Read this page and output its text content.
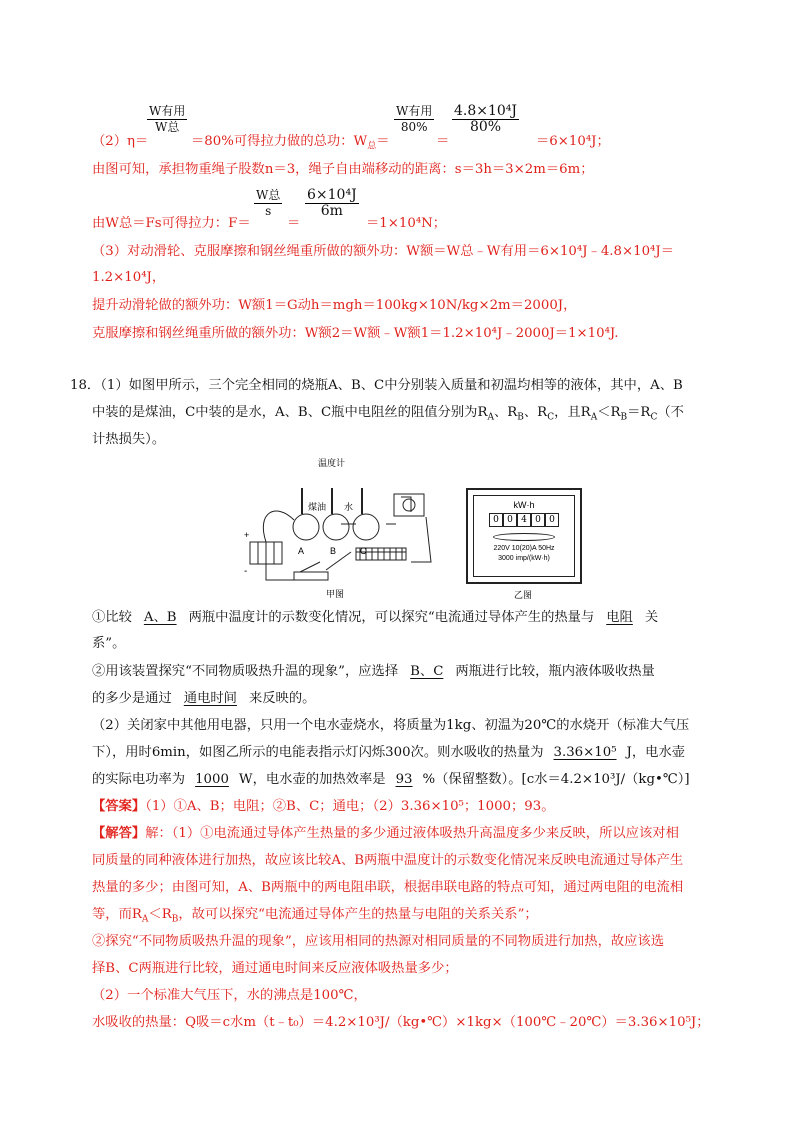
（2）η＝
W有用
W总
＝80%可得拉力做的总功：$W_总=$
W有用
80%
＝
$\frac{\text{4.8×10⁴J}}{80\%}$
＝6×10⁴J；
由图可知，承担物重绳子股数n＝3，绳子自由端移动的距离：s＝3h＝3×2m＝6m；
由W总＝Fs可得拉力：F＝
W总
s
＝
$\frac{\text{6×10⁴J}}{6m}$
＝1×10⁴N；
（3）对动滑轮、克服摩擦和钢丝绳重所做的额外功：W额＝W总﹣W有用＝6×10⁴J﹣4.8×10⁴J＝
1.2×10⁴J，
提升动滑轮做的额外功：W额1＝G动h＝mgh＝100kg×10N/kg×2m＝2000J，
克服摩擦和钢丝绳重所做的额外功：W额2＝W额﹣W额1＝1.2×10⁴J﹣2000J＝1×10⁴J.
18．（1）如图甲所示，三个完全相同的烧瓶A、B、C中分别装入质量和初温均相等的液体，其中，A、B
中装的是煤油，C中装的是水，A、B、C瓶中电阻丝的阻值分别为$R_A$、$R_B$、$R_C$，且$R_A<R_B=R_C$（不
计热损失）。
温度计
煤油 水
A	B	C
+
-
甲图
kW·h
0 0 4 0 0
220V 10(20)A 50Hz
3000 imp/(kW·h)
乙图
①比较 A、B 两瓶中温度计的示数变化情况，可以探究“电流通过导体产生的热量与 电阻 关
系”。
②用该装置探究“不同物质吸热升温的现象”，应选择 B、C 两瓶进行比较，瓶内液体吸收热量
的多少是通过 通电时间 来反映的。
（2）关闭家中其他用电器，只用一个电水壶烧水，将质量为1kg、初温为20℃的水烧开（标准大气压
下），用时6min，如图乙所示的电能表指示灯闪烁300次。则水吸收的热量为 3.36×10⁵ J，电水壶
的实际电功率为 1000 W，电水壶的加热效率是 93 %（保留整数）。[c水＝4.2×10³J/（kg•℃）]
【答案】（1）①A、B；电阻；②B、C；通电；（2）3.36×10⁵；1000；93。
【解答】解：（1）①电流通过导体产生热量的多少通过液体吸热升高温度多少来反映，所以应该对相
同质量的同种液体进行加热，故应该比较A、B两瓶中温度计的示数变化情况来反映电流通过导体产生
热量的多少；由图可知，A、B两瓶中的两电阻串联，根据串联电路的特点可知，通过两电阻的电流相
等，而$R_A<R_B$，故可以探究“电流通过导体产生的热量与电阻的关系关系”；
②探究“不同物质吸热升温的现象”，应该用相同的热源对相同质量的不同物质进行加热，故应该选
择B、C两瓶进行比较，通过通电时间来反应液体吸热量多少；
（2）一个标准大气压下，水的沸点是100℃，
水吸收的热量：Q吸＝c水m（t﹣t₀）＝4.2×10³J/（kg•℃）×1kg×（100℃﹣20℃）＝3.36×10⁵J；
